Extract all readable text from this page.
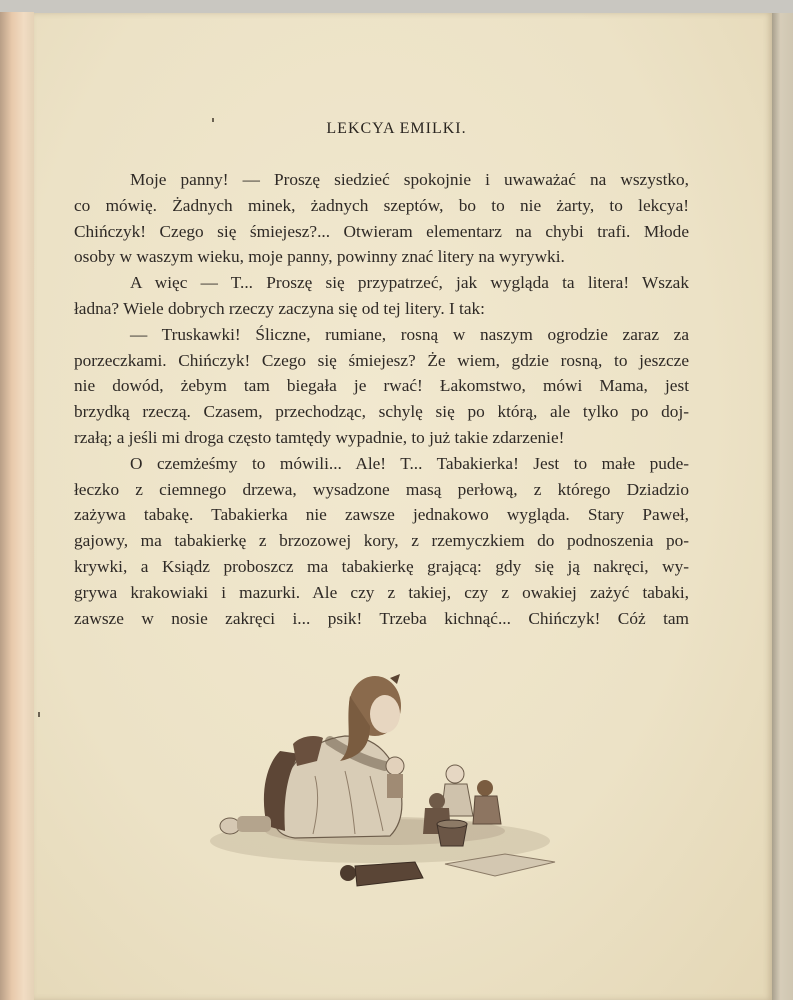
LEKCYA EMILKI.
Moje panny! — Proszę siedzieć spokojnie i uwaważać na wszystko,
co mówię. Żadnych minek, żadnych szeptów, bo to nie żarty, to lekcya!
Chińczyk! Czego się śmiejesz?... Otwieram elementarz na chybi trafi. Młode
osoby w waszym wieku, moje panny, powinny znać litery na wyrywki.
A więc — T... Proszę się przypatrzeć, jak wygląda ta litera! Wszak
ładna? Wiele dobrych rzeczy zaczyna się od tej litery. I tak:
— Truskawki! Śliczne, rumiane, rosną w naszym ogrodzie zaraz za
porzeczkami. Chińczyk! Czego się śmiejesz? Że wiem, gdzie rosną, to jeszcze
nie dowód, żebym tam biegała je rwać! Łakomstwo, mówi Mama, jest
brzydką rzeczą. Czasem, przechodząc, schylę się po którą, ale tylko po doj-
rzałą; a jeśli mi droga często tamtędy wypadnie, to już takie zdarzenie!
O czemżeśmy to mówili... Ale! T... Tabakierka! Jest to małe pude-
łeczko z ciemnego drzewa, wysadzone masą perłową, z którego Dziadzio
zażywa tabakę. Tabakierka nie zawsze jednakowo wygląda. Stary Paweł,
gajowy, ma tabakierkę z brzozowej kory, z rzemyczkiem do podnoszenia po-
krywki, a Ksiądz proboszcz ma tabakierkę grającą: gdy się ją nakręci, wy-
grywa krakowiaki i mazurki. Ale czy z takiej, czy z owakiej zażyć tabaki,
zawsze w nosie zakręci i... psik! Trzeba kichnąć... Chińczyk! Cóż tam
